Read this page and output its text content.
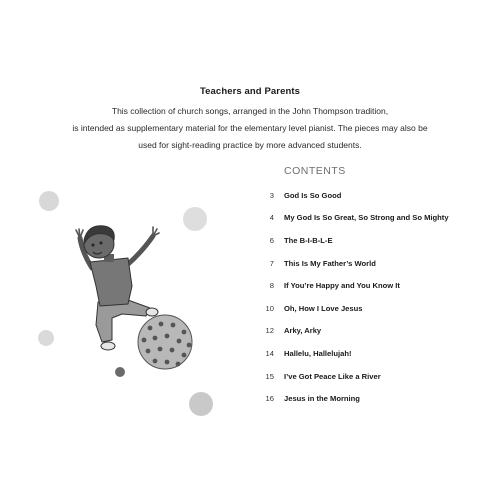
Teachers and Parents
This collection of church songs, arranged in the John Thompson tradition,
is intended as supplementary material for the elementary level pianist. The pieces may also be
used for sight-reading practice by more advanced students.
CONTENTS
3 God Is So Good
4 My God Is So Great, So Strong and So Mighty
6 The B-I-B-L-E
7 This Is My Father’s World
8 If You’re Happy and You Know It
10 Oh, How I Love Jesus
12 Arky, Arky
14 Hallelu, Hallelujah!
15 I’ve Got Peace Like a River
16 Jesus in the Morning
